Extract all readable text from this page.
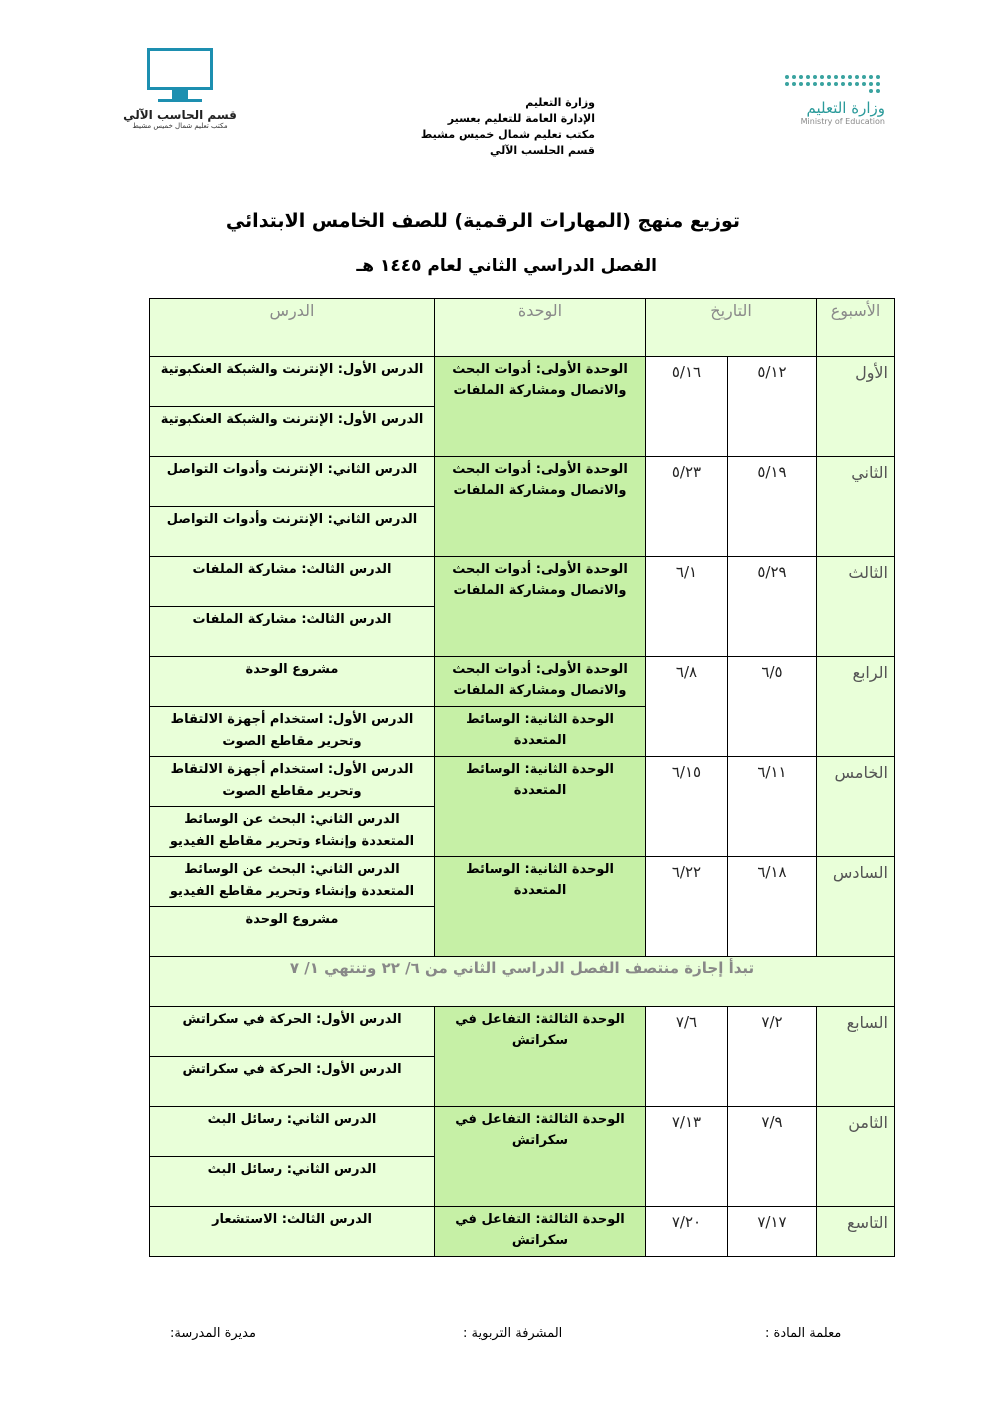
قسم الحاسب الآلي
مكتب تعليم شمال خميس مشيط
وزارة التعليم
الإدارة العامة للتعليم بعسير
مكتب تعليم شمال خميس مشيط
قسم الحلسب الآلي
وزارة التعليم
Ministry of Education
توزيع منهج (المهارات الرقمية) للصف الخامس الابتدائي
الفصل الدراسي الثاني لعام ١٤٤٥ هـ
الأسبوع	التاريخ		الوحدة	الدرس
الأول	٥/١٢	٥/١٦	الوحدة الأولى: أدوات البحث والاتصال ومشاركة الملفات	الدرس الأول: الإنترنت والشبكة العنكبوتية
				الدرس الأول: الإنترنت والشبكة العنكبوتية
الثاني	٥/١٩	٥/٢٣	الوحدة الأولى: أدوات البحث والاتصال ومشاركة الملفات	الدرس الثاني: الإنترنت وأدوات التواصل
				الدرس الثاني: الإنترنت وأدوات التواصل
الثالث	٥/٢٩	٦/١	الوحدة الأولى: أدوات البحث والاتصال ومشاركة الملفات	الدرس الثالث: مشاركة الملفات
				الدرس الثالث: مشاركة الملفات
الرابع	٦/٥	٦/٨	الوحدة الأولى: أدوات البحث والاتصال ومشاركة الملفات	مشروع الوحدة
			الوحدة الثانية: الوسائط المتعددة	الدرس الأول: استخدام أجهزة الالتقاط وتحرير مقاطع الصوت
الخامس	٦/١١	٦/١٥	الوحدة الثانية: الوسائط المتعددة	الدرس الأول: استخدام أجهزة الالتقاط وتحرير مقاطع الصوت
				الدرس الثاني: البحث عن الوسائط المتعددة وإنشاء وتحرير مقاطع الفيديو
السادس	٦/١٨	٦/٢٢	الوحدة الثانية: الوسائط المتعددة	الدرس الثاني: البحث عن الوسائط المتعددة وإنشاء وتحرير مقاطع الفيديو
				مشروع الوحدة
تبدأ إجازة منتصف الفصل الدراسي الثاني من ٦/ ٢٢ وتنتهي ١/ ٧				
السابع	٧/٢	٧/٦	الوحدة الثالثة: التفاعل في سكراتش	الدرس الأول: الحركة في سكراتش
				الدرس الأول: الحركة في سكراتش
الثامن	٧/٩	٧/١٣	الوحدة الثالثة: التفاعل في سكراتش	الدرس الثاني: رسائل البث
				الدرس الثاني: رسائل البث
التاسع	٧/١٧	٧/٢٠	الوحدة الثالثة: التفاعل في سكراتش	الدرس الثالث: الاستشعار
معلمة المادة :
المشرفة التربوية :
مديرة المدرسة:
